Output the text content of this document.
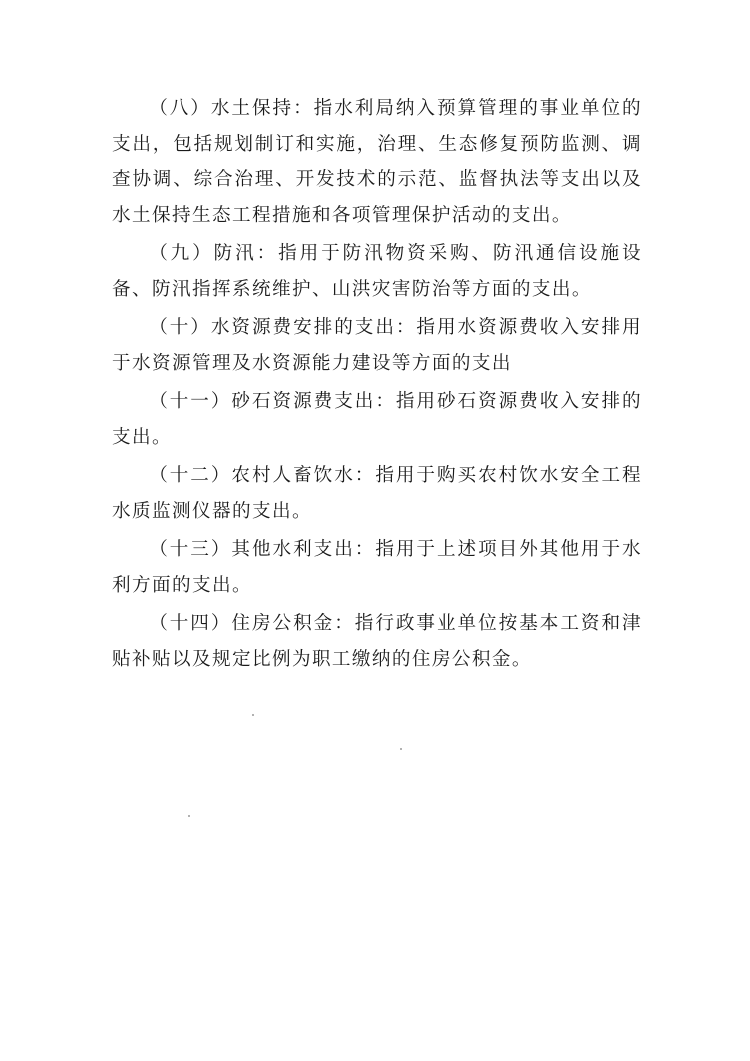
（八）水土保持：指水利局纳入预算管理的事业单位的支出，包括规划制订和实施，治理、生态修复预防监测、调查协调、综合治理、开发技术的示范、监督执法等支出以及水土保持生态工程措施和各项管理保护活动的支出。

（九）防汛：指用于防汛物资采购、防汛通信设施设备、防汛指挥系统维护、山洪灾害防治等方面的支出。

（十）水资源费安排的支出：指用水资源费收入安排用于水资源管理及水资源能力建设等方面的支出

（十一）砂石资源费支出：指用砂石资源费收入安排的支出。

（十二）农村人畜饮水：指用于购买农村饮水安全工程水质监测仪器的支出。

（十三）其他水利支出：指用于上述项目外其他用于水利方面的支出。

（十四）住房公积金：指行政事业单位按基本工资和津贴补贴以及规定比例为职工缴纳的住房公积金。
